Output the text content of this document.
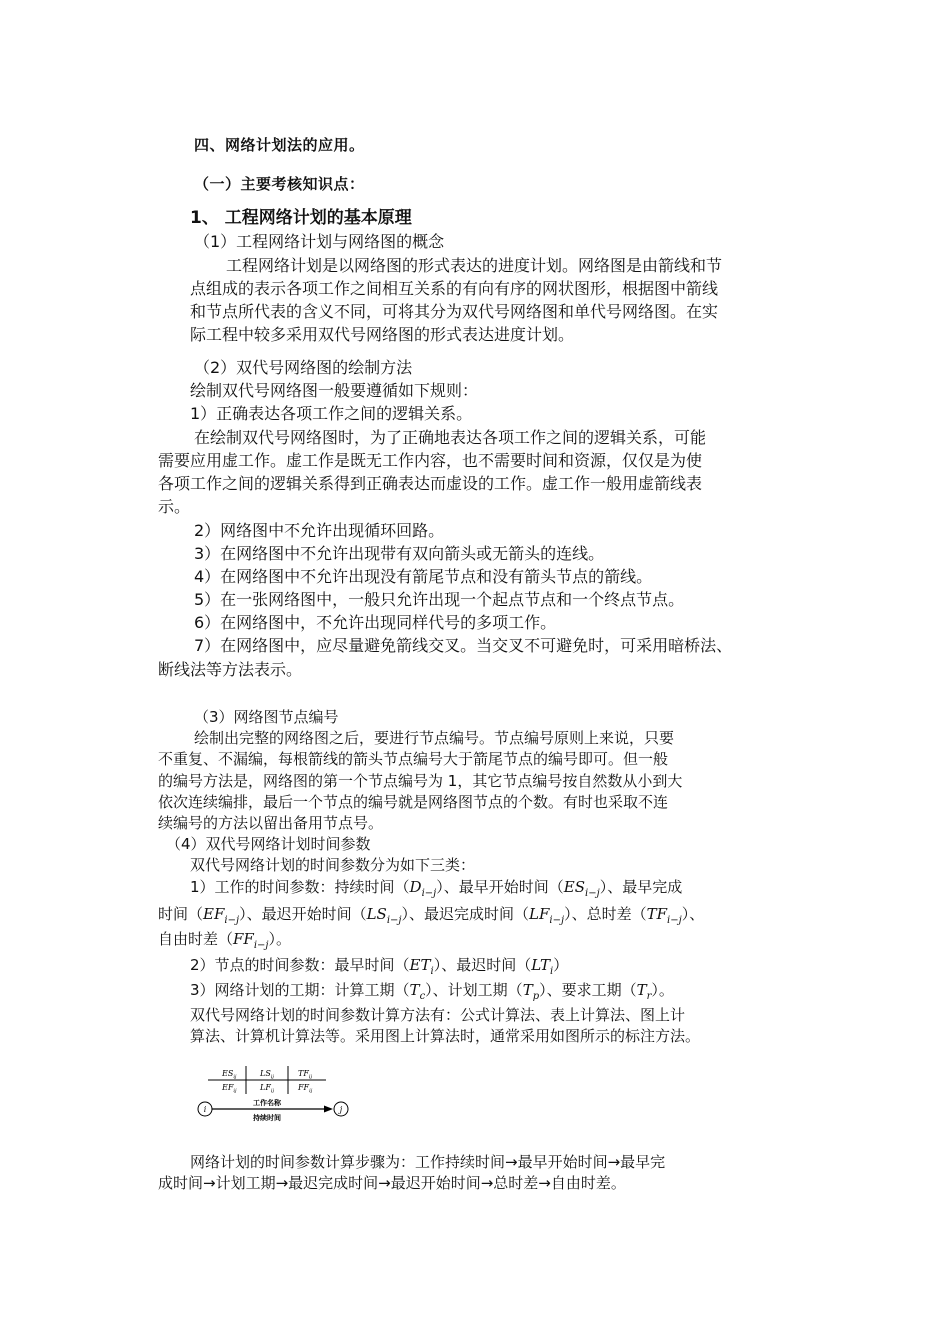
四、网络计划法的应用。
（一）主要考核知识点：
1、 工程网络计划的基本原理
（1）工程网络计划与网络图的概念
工程网络计划是以网络图的形式表达的进度计划。网络图是由箭线和节
点组成的表示各项工作之间相互关系的有向有序的网状图形，根据图中箭线
和节点所代表的含义不同，可将其分为双代号网络图和单代号网络图。在实
际工程中较多采用双代号网络图的形式表达进度计划。
（2）双代号网络图的绘制方法
绘制双代号网络图一般要遵循如下规则：
1）正确表达各项工作之间的逻辑关系。
在绘制双代号网络图时，为了正确地表达各项工作之间的逻辑关系，可能
需要应用虚工作。虚工作是既无工作内容，也不需要时间和资源，仅仅是为使
各项工作之间的逻辑关系得到正确表达而虚设的工作。虚工作一般用虚箭线表
示。
2）网络图中不允许出现循环回路。
3）在网络图中不允许出现带有双向箭头或无箭头的连线。
4）在网络图中不允许出现没有箭尾节点和没有箭头节点的箭线。
5）在一张网络图中，一般只允许出现一个起点节点和一个终点节点。
6）在网络图中，不允许出现同样代号的多项工作。
7）在网络图中，应尽量避免箭线交叉。当交叉不可避免时，可采用暗桥法、
断线法等方法表示。
（3）网络图节点编号
绘制出完整的网络图之后，要进行节点编号。节点编号原则上来说，只要
不重复、不漏编，每根箭线的箭头节点编号大于箭尾节点的编号即可。但一般
的编号方法是，网络图的第一个节点编号为 1，其它节点编号按自然数从小到大
依次连续编排，最后一个节点的编号就是网络图节点的个数。有时也采取不连
续编号的方法以留出备用节点号。
（4）双代号网络计划时间参数
双代号网络计划的时间参数分为如下三类：
1）工作的时间参数：持续时间$(D_{i-j})$、最早开始时间$(ES_{i-j})$、最早完成
时间$(EF_{i-j})$、最迟开始时间$(LS_{i-j})$、最迟完成时间$(LF_{i-j})$、总时差$(TF_{i-j})$、
自由时差$(FF_{i-j})$。
2）节点的时间参数：最早时间$(ET_i)$、最迟时间$(LT_i)$
3）网络计划的工期：计算工期$(T_c)$、计划工期$(T_p)$、要求工期$(T_r)$。
双代号网络计划的时间参数计算方法有：公式计算法、表上计算法、图上计
算法、计算机计算法等。采用图上计算法时，通常采用如图所示的标注方法。
$ES_{ij}$	$LS_{ij}$	$TF_{ij}$
$EF_{ij}$	$LF_{ij}$	$FF_{ij}$
工作名称
持续时间
i	j
网络计划的时间参数计算步骤为：工作持续时间→最早开始时间→最早完
成时间→计划工期→最迟完成时间→最迟开始时间→总时差→自由时差。
